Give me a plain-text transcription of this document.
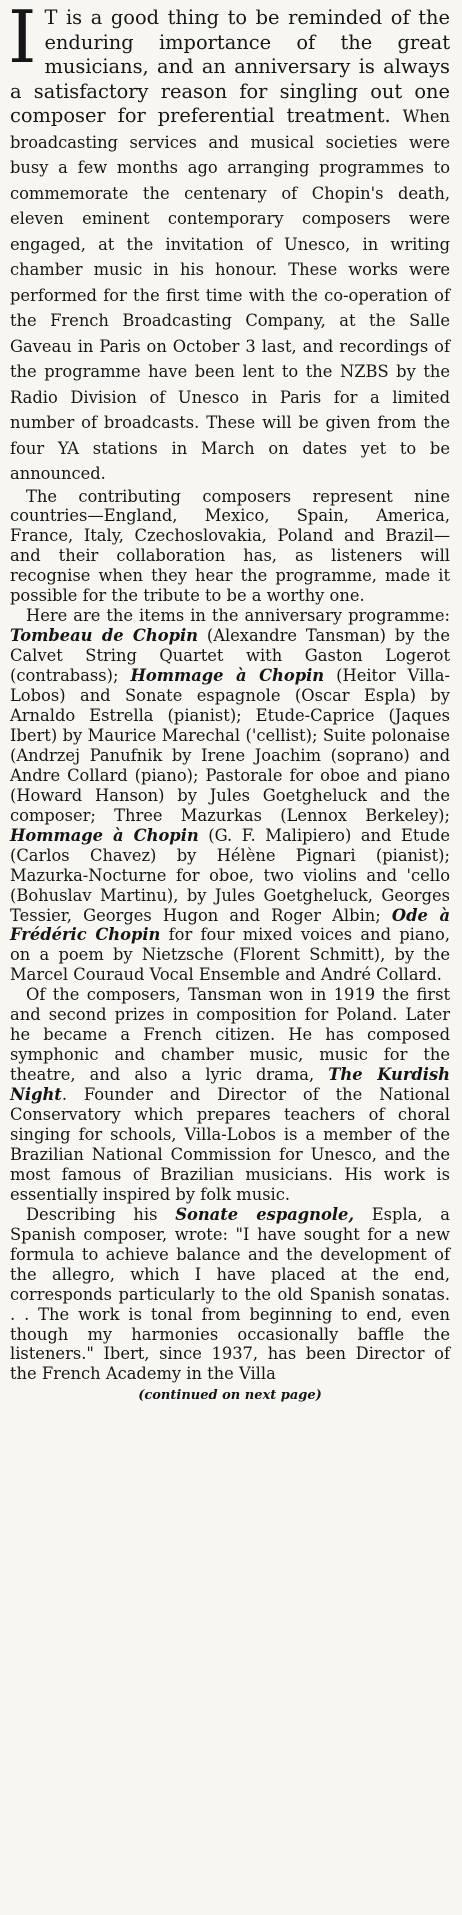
I T is a good thing to be reminded of the enduring importance of the great musicians, and an anniversary is always a satisfactory reason for singling out one composer for preferential treatment. When broadcasting services and musical societies were busy a few months ago arranging programmes to commemorate the centenary of Chopin's death, eleven eminent contemporary composers were engaged, at the invitation of Unesco, in writing chamber music in his honour. These works were performed for the first time with the co-operation of the French Broadcasting Company, at the Salle Gaveau in Paris on October 3 last, and recordings of the programme have been lent to the NZBS by the Radio Division of Unesco in Paris for a limited number of broadcasts. These will be given from the four YA stations in March on dates yet to be announced.

The contributing composers represent nine countries—England, Mexico, Spain, America, France, Italy, Czechoslovakia, Poland and Brazil—and their collaboration has, as listeners will recognise when they hear the programme, made it possible for the tribute to be a worthy one.

Here are the items in the anniversary programme: Tombeau de Chopin (Alexandre Tansman) by the Calvet String Quartet with Gaston Logerot (contrabass); Hommage à Chopin (Heitor Villa-Lobos) and Sonate espagnole (Oscar Espla) by Arnaldo Estrella (pianist); Etude-Caprice (Jaques Ibert) by Maurice Marechal ('cellist); Suite polonaise (Andrzej Panufnik by Irene Joachim (soprano) and Andre Collard (piano); Pastorale for oboe and piano (Howard Hanson) by Jules Goetgheluck and the composer; Three Mazurkas (Lennox Berkeley); Hommage à Chopin (G. F. Malipiero) and Etude (Carlos Chavez) by Hélène Pignari (pianist); Mazurka-Nocturne for oboe, two violins and 'cello (Bohuslav Martinu), by Jules Goetgheluck, Georges Tessier, Georges Hugon and Roger Albin; Ode à Frédéric Chopin for four mixed voices and piano, on a poem by Nietzsche (Florent Schmitt), by the Marcel Couraud Vocal Ensemble and André Collard.

Of the composers, Tansman won in 1919 the first and second prizes in composition for Poland. Later he became a French citizen. He has composed symphonic and chamber music, music for the theatre, and also a lyric drama, The Kurdish Night. Founder and Director of the National Conservatory which prepares teachers of choral singing for schools, Villa-Lobos is a member of the Brazilian National Commission for Unesco, and the most famous of Brazilian musicians. His work is essentially inspired by folk music.

Describing his Sonate espagnole, Espla, a Spanish composer, wrote: "I have sought for a new formula to achieve balance and the development of the allegro, which I have placed at the end, corresponds particularly to the old Spanish sonatas. . . The work is tonal from beginning to end, even though my harmonies occasionally baffle the listeners." Ibert, since 1937, has been Director of the French Academy in the Villa

(continued on next page)
